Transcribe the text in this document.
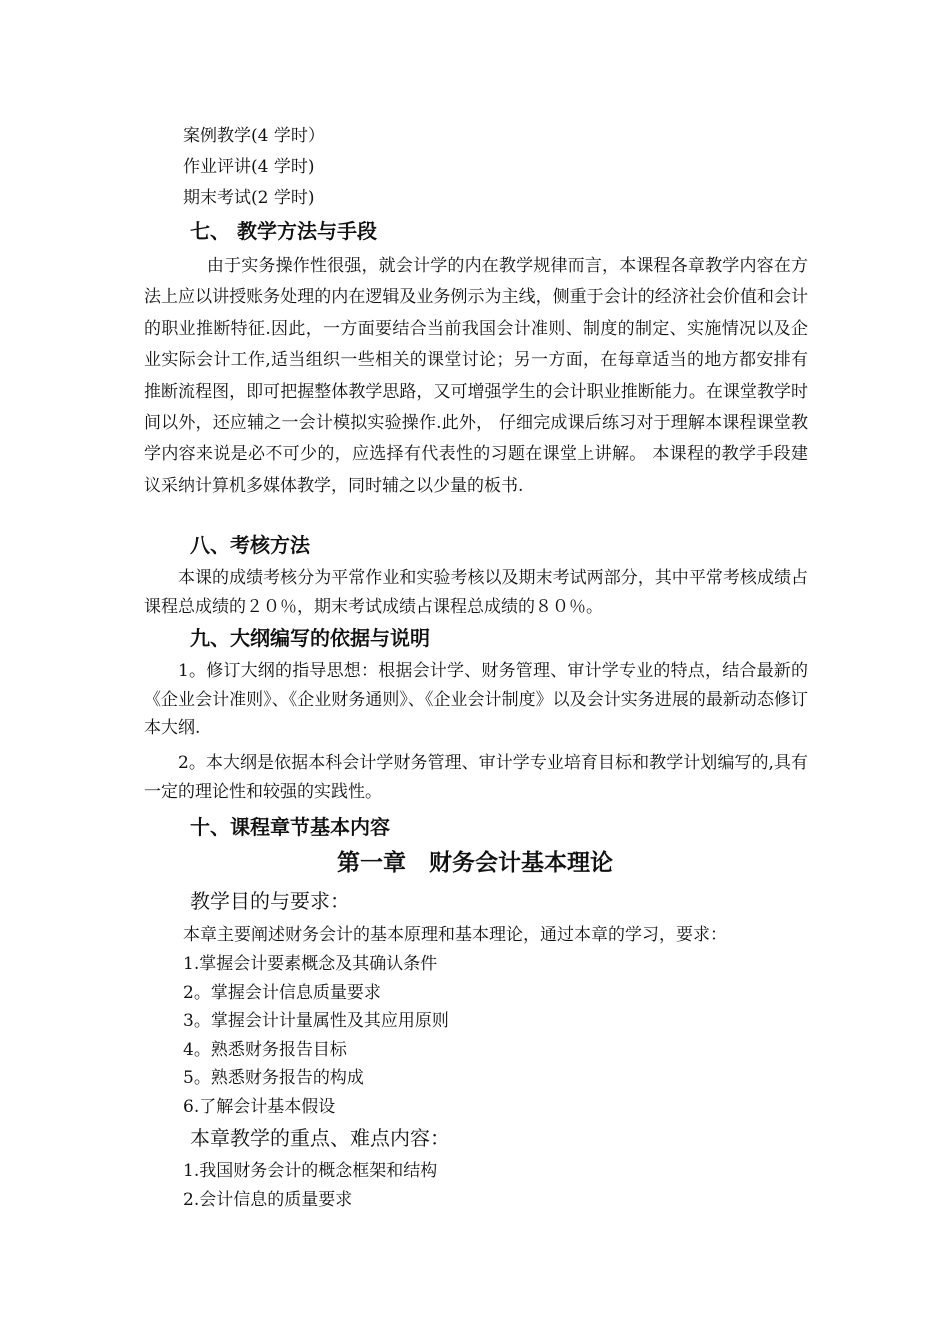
案例教学(4 学时）
作业评讲(4 学时)
期末考试(2 学时)
七、 教学方法与手段
由于实务操作性很强，就会计学的内在教学规律而言，本课程各章教学内容在方法上应以讲授账务处理的内在逻辑及业务例示为主线，侧重于会计的经济社会价值和会计的职业推断特征.因此，一方面要结合当前我国会计准则、制度的制定、实施情况以及企业实际会计工作,适当组织一些相关的课堂讨论；另一方面，在每章适当的地方都安排有推断流程图，即可把握整体教学思路，又可增强学生的会计职业推断能力。在课堂教学时间以外，还应辅之一会计模拟实验操作.此外， 仔细完成课后练习对于理解本课程课堂教学内容来说是必不可少的，应选择有代表性的习题在课堂上讲解。 本课程的教学手段建议采纳计算机多媒体教学，同时辅之以少量的板书.
八、考核方法
本课的成绩考核分为平常作业和实验考核以及期末考试两部分，其中平常考核成绩占课程总成绩的２０％，期末考试成绩占课程总成绩的８０％。
九、大纲编写的依据与说明
1。修订大纲的指导思想：根据会计学、财务管理、审计学专业的特点，结合最新的《企业会计准则》、《企业财务通则》、《企业会计制度》以及会计实务进展的最新动态修订本大纲.
2。本大纲是依据本科会计学财务管理、审计学专业培育目标和教学计划编写的,具有一定的理论性和较强的实践性。
十、课程章节基本内容
第一章　财务会计基本理论
教学目的与要求：
本章主要阐述财务会计的基本原理和基本理论，通过本章的学习，要求：
1.掌握会计要素概念及其确认条件
2。掌握会计信息质量要求
3。掌握会计计量属性及其应用原则
4。熟悉财务报告目标
5。熟悉财务报告的构成
6.了解会计基本假设
本章教学的重点、难点内容：
1.我国财务会计的概念框架和结构
2.会计信息的质量要求
